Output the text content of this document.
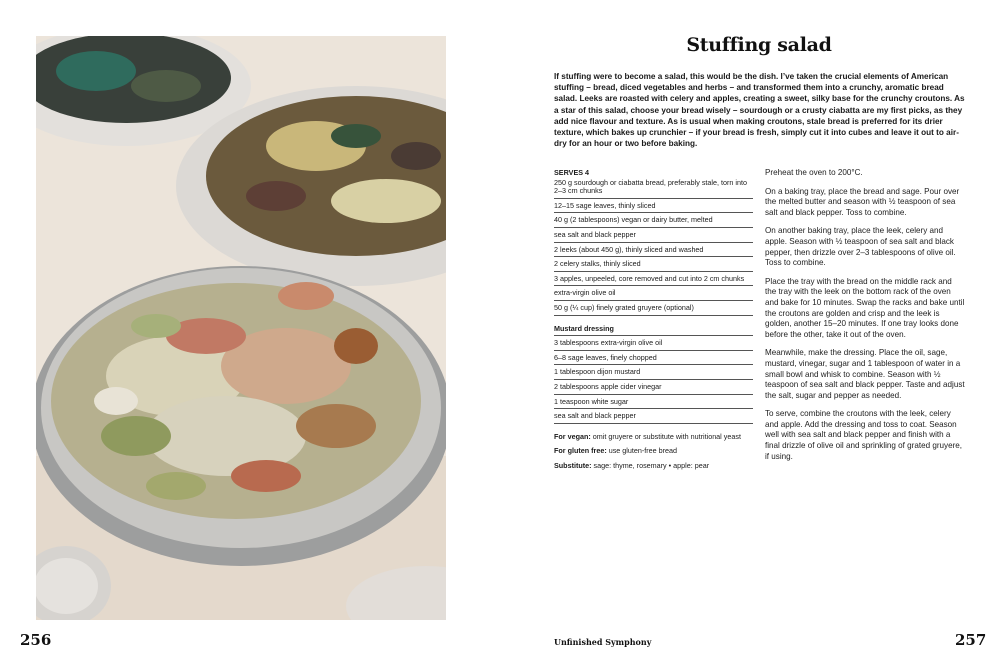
256
Stuffing salad

If stuffing were to become a salad, this would be the dish. I’ve taken the crucial elements of American stuffing – bread, diced vegetables and herbs – and transformed them into a crunchy, aromatic bread salad. Leeks are roasted with celery and apples, creating a sweet, silky base for the crunchy croutons. As a star of this salad, choose your bread wisely – sourdough or a crusty ciabatta are my first picks, as they add nice flavour and texture. As is usual when making croutons, stale bread is preferred for its drier texture, which bakes up crunchier – if your bread is fresh, simply cut it into cubes and leave it out to air-dry for an hour or two before baking.

SERVES 4
250 g sourdough or ciabatta bread, preferably stale, torn into 2–3 cm chunks
12–15 sage leaves, thinly sliced
40 g (2 tablespoons) vegan or dairy butter, melted
sea salt and black pepper
2 leeks (about 450 g), thinly sliced and washed
2 celery stalks, thinly sliced
3 apples, unpeeled, core removed and cut into 2 cm chunks
extra-virgin olive oil
50 g (¼ cup) finely grated gruyere (optional)
Mustard dressing
3 tablespoons extra-virgin olive oil
6–8 sage leaves, finely chopped
1 tablespoon dijon mustard
2 tablespoons apple cider vinegar
1 teaspoon white sugar
sea salt and black pepper

For vegan: omit gruyere or substitute with nutritional yeast

For gluten free: use gluten-free bread

Substitute: sage: thyme, rosemary • apple: pear

Preheat the oven to 200°C.

On a baking tray, place the bread and sage. Pour over the melted butter and season with ½ teaspoon of sea salt and black pepper. Toss to combine.

On another baking tray, place the leek, celery and apple. Season with ½ teaspoon of sea salt and black pepper, then drizzle over 2–3 tablespoons of olive oil. Toss to combine.

Place the tray with the bread on the middle rack and the tray with the leek on the bottom rack of the oven and bake for 10 minutes. Swap the racks and bake until the croutons are golden and crisp and the leek is golden, another 15–20 minutes. If one tray looks done before the other, take it out of the oven.

Meanwhile, make the dressing. Place the oil, sage, mustard, vinegar, sugar and 1 tablespoon of water in a small bowl and whisk to combine. Season with ½ teaspoon of sea salt and black pepper. Taste and adjust the salt, sugar and pepper as needed.

To serve, combine the croutons with the leek, celery and apple. Add the dressing and toss to coat. Season well with sea salt and black pepper and finish with a final drizzle of olive oil and sprinkling of grated gruyere, if using.

Unfinished Symphony	257
